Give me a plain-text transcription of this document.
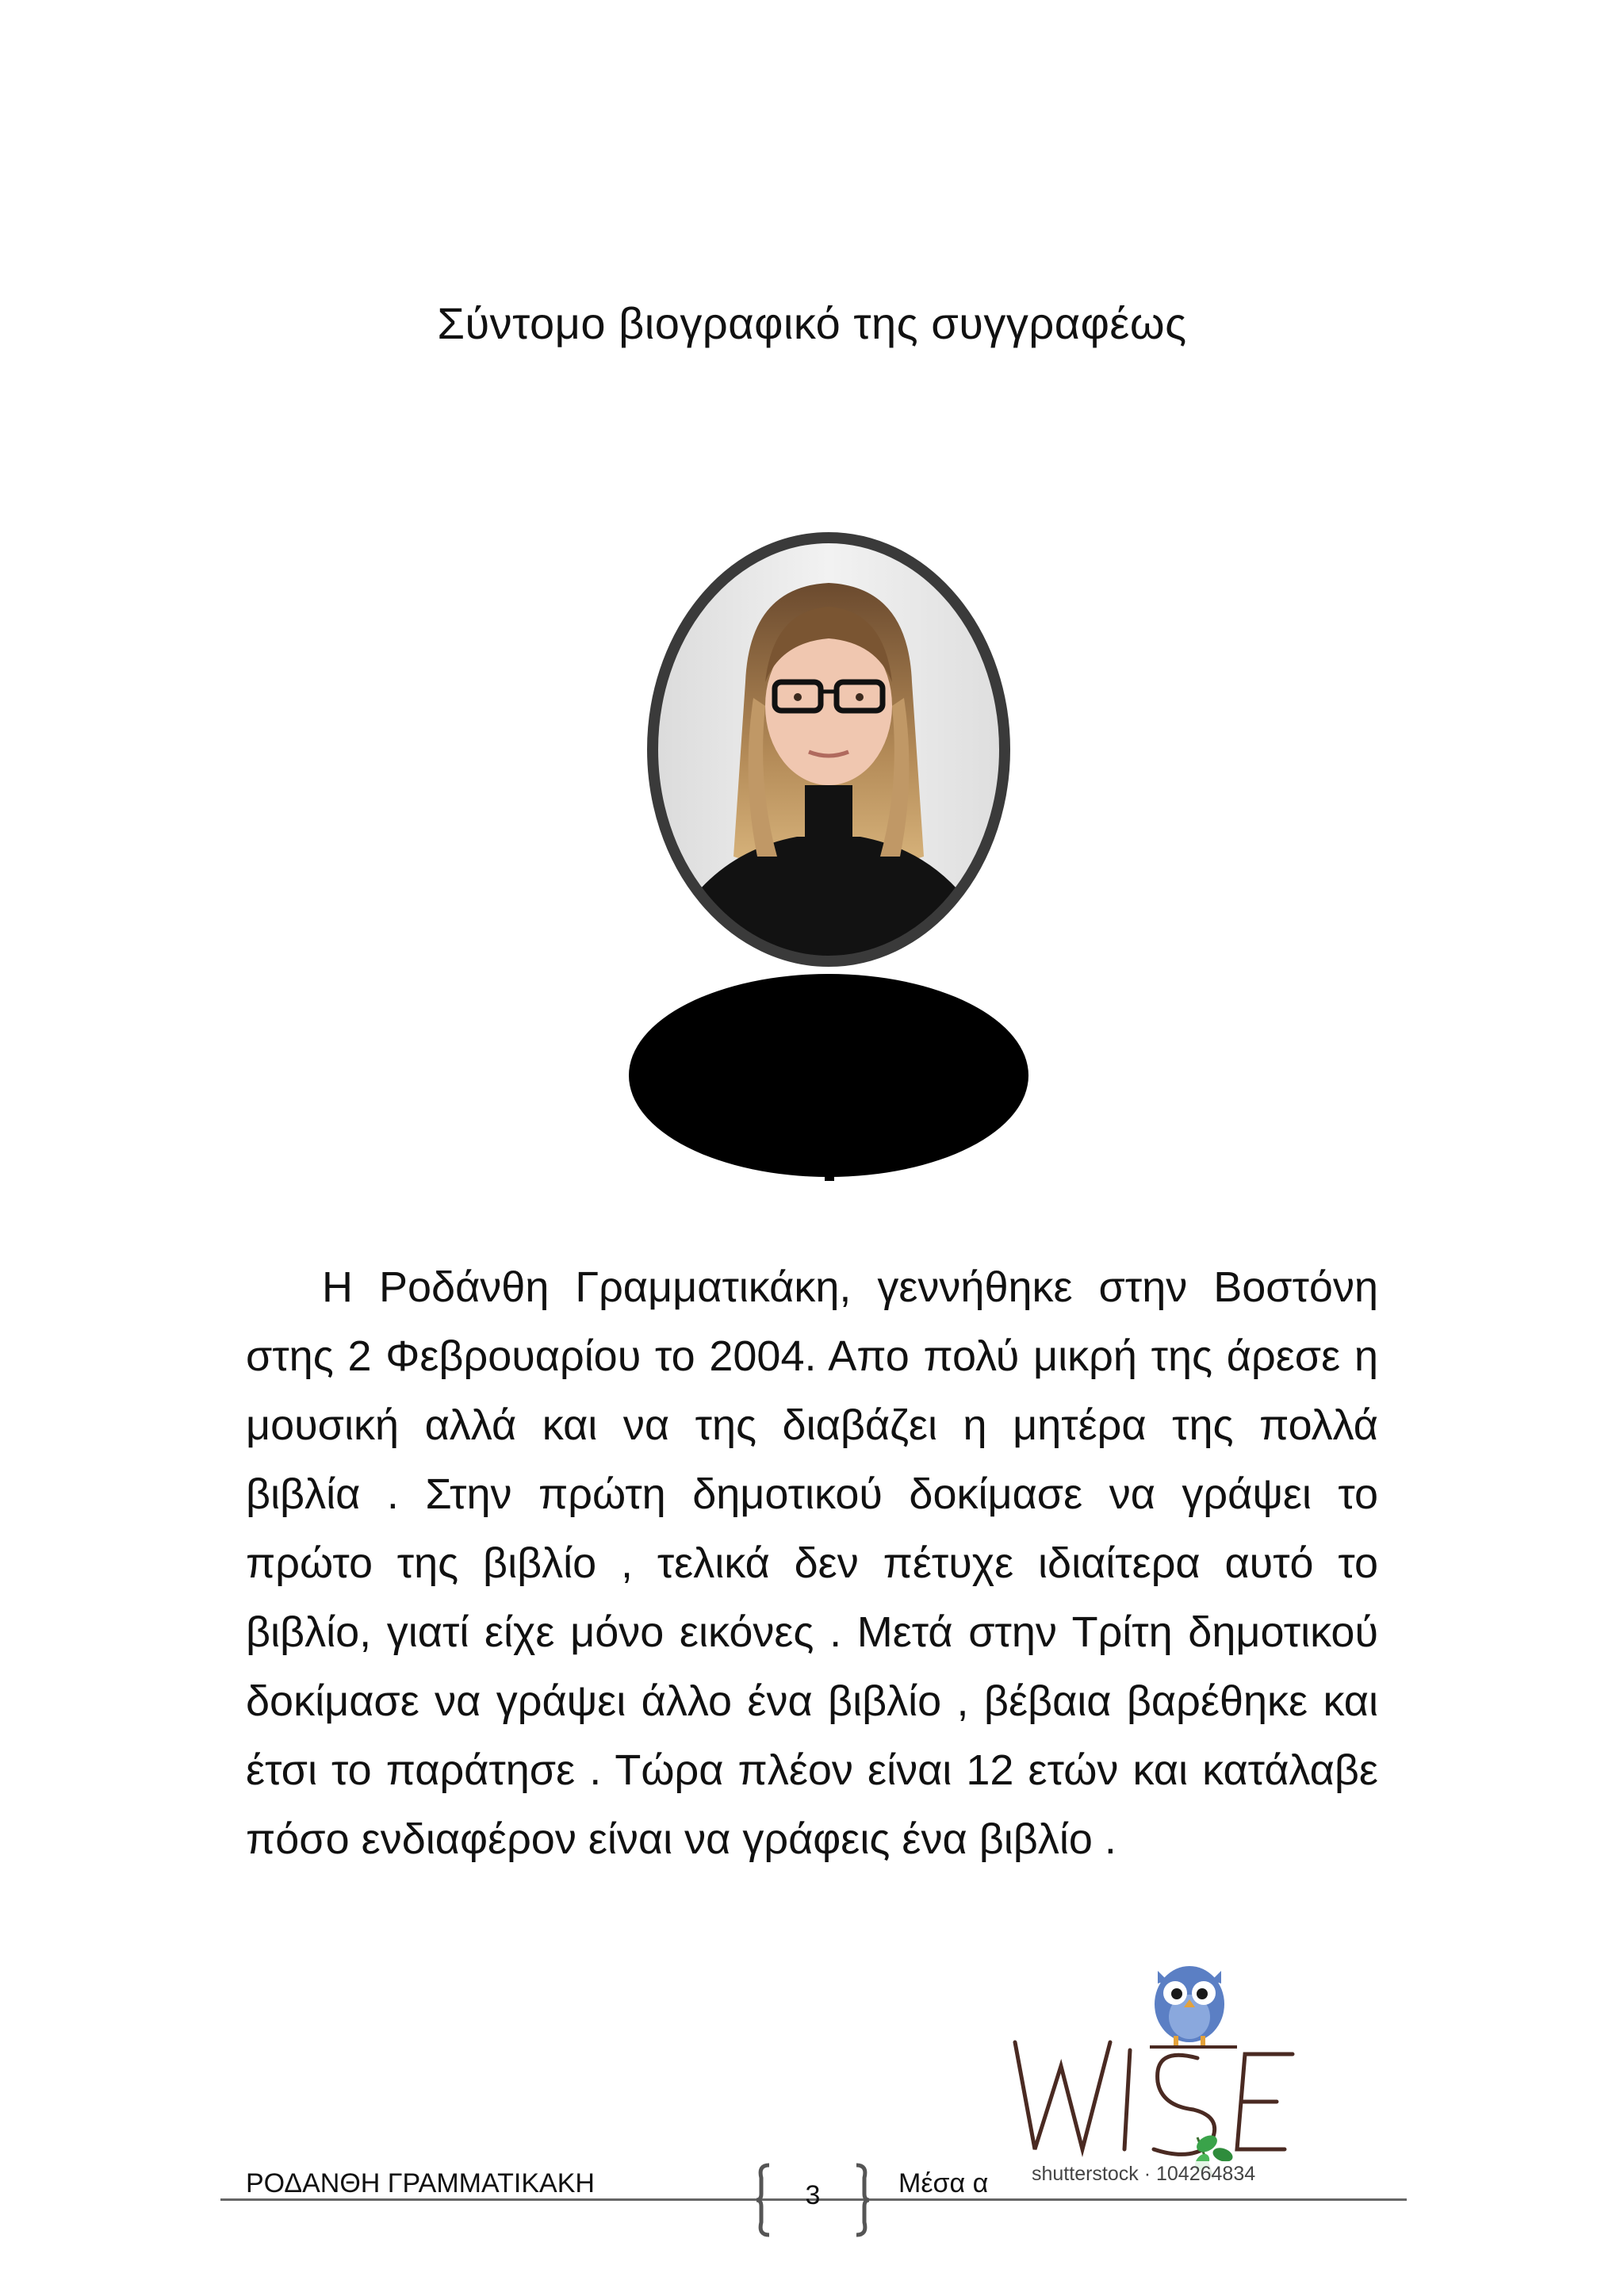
Σύντομο βιογραφικό της συγγραφέως

Η Ροδάνθη Γραμματικάκη, γεννήθηκε στην Βοστόνη στης 2 Φεβρουαρίου το 2004. Απο πολύ μικρή της άρεσε η μουσική αλλά και να της διαβάζει η μητέρα της πολλά βιβλία . Στην πρώτη δημοτικού δοκίμασε να γράψει το πρώτο της βιβλίο , τελικά δεν πέτυχε ιδιαίτερα αυτό το βιβλίο, γιατί είχε μόνο εικόνες . Μετά στην Τρίτη δημοτικού δοκίμασε να γράψει άλλο ένα βιβλίο , βέβαια βαρέθηκε και έτσι το παράτησε . Τώρα πλέον είναι 12 ετών και κατάλαβε πόσο ενδιαφέρον είναι να γράφεις ένα βιβλίο .

shutterstock · 104264834
ΡΟΔΑΝΘΗ ΓΡΑΜΜΑΤΙΚΑΚΗ	3	Μέσα α
